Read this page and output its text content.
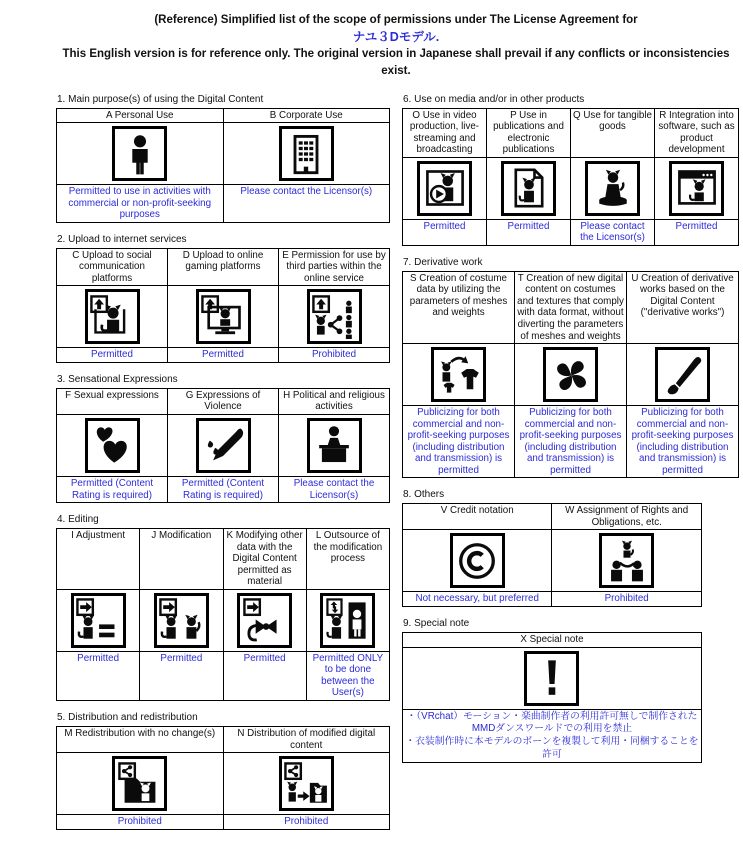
(Reference) Simplified list of the scope of permissions under The License Agreement for
ナユ３Dモデル.
This English version is for reference only. The original version in Japanese shall prevail if any conflicts or inconsistencies exist.
1. Main purpose(s) of using the Digital Content
A Personal Use	B Corporate Use

Permitted to use in activities with commercial or non-profit-seeking purposes	Please contact the Licensor(s)
2. Upload to internet services
C Upload to social communication platforms	D Upload to online gaming platforms	E Permission for use by third parties within the online service

Permitted	Permitted	Prohibited
3. Sensational Expressions
F Sexual expressions	G Expressions of Violence	H Political and religious activities

Permitted (Content Rating is required)	Permitted (Content Rating is required)	Please contact the Licensor(s)
4. Editing
I Adjustment	J Modification	K Modifying other data with the Digital Content permitted as material	L Outsource of the modification process

Permitted	Permitted	Permitted	Permitted ONLY to be done between the User(s)
5. Distribution and redistribution
M Redistribution with no change(s)	N Distribution of modified digital content

Prohibited	Prohibited
6. Use on media and/or in other products
O Use in video production, live-streaming and broadcasting	P Use in publications and electronic publications	Q Use for tangible goods	R Integration into software, such as product development

Permitted	Permitted	Please contact the Licensor(s)	Permitted
7. Derivative work
S Creation of costume data by utilizing the parameters of meshes and weights	T Creation of new digital content on costumes and textures that comply with data format, without diverting the parameters of meshes and weights	U Creation of derivative works based on the Digital Content ("derivative works")

Publicizing for both commercial and non-profit-seeking purposes (including distribution and transmission) is permitted	Publicizing for both commercial and non-profit-seeking purposes (including distribution and transmission) is permitted	Publicizing for both commercial and non-profit-seeking purposes (including distribution and transmission) is permitted
8. Others
V Credit notation	W Assignment of Rights and Obligations, etc.

Not necessary, but preferred	Prohibited
9. Special note
X Special note

・（VRchat）モーション・楽曲制作者の利用許可無しで制作されたMMDダンスワールドでの利用を禁止
・衣装制作時に本モデルのボーンを複製して利用・同梱することを許可
